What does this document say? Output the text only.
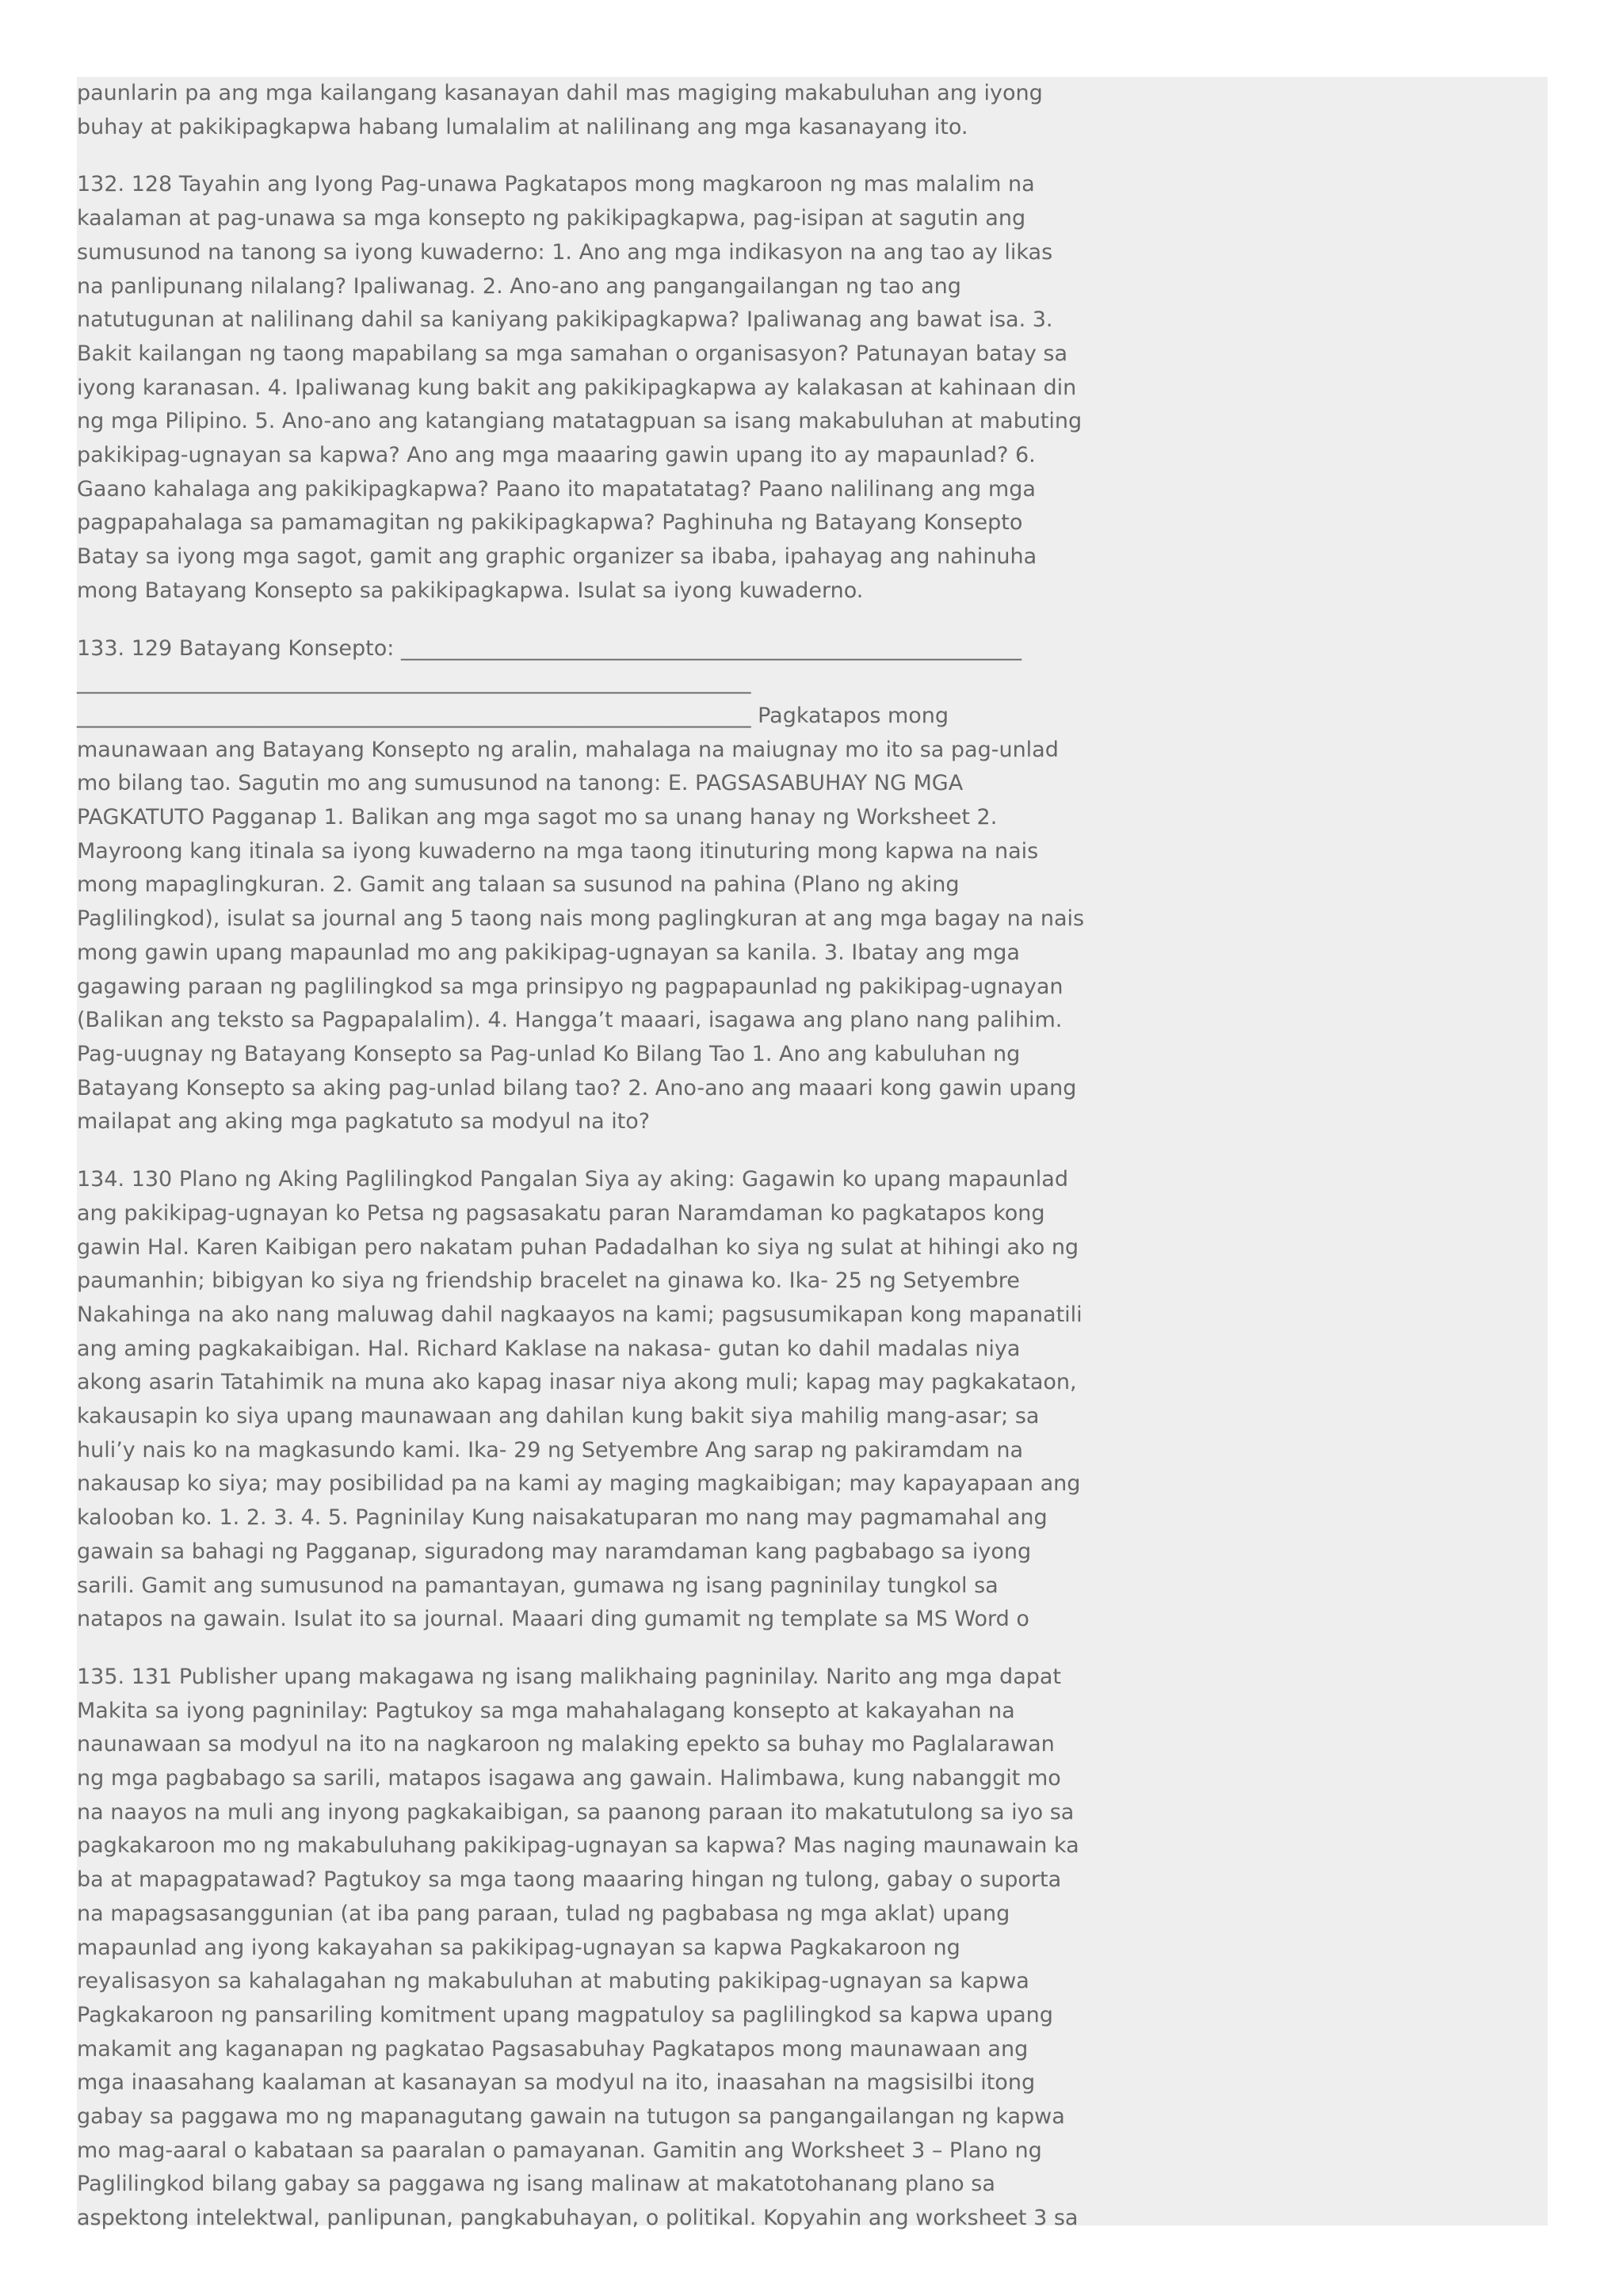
paunlarin pa ang mga kailangang kasanayan dahil mas magiging makabuluhan ang iyong
buhay at pakikipagkapwa habang lumalalim at nalilinang ang mga kasanayang ito.
132. 128 Tayahin ang Iyong Pag-unawa Pagkatapos mong magkaroon ng mas malalim na
kaalaman at pag-unawa sa mga konsepto ng pakikipagkapwa, pag-isipan at sagutin ang
sumusunod na tanong sa iyong kuwaderno: 1. Ano ang mga indikasyon na ang tao ay likas
na panlipunang nilalang? Ipaliwanag. 2. Ano-ano ang pangangailangan ng tao ang
natutugunan at nalilinang dahil sa kaniyang pakikipagkapwa? Ipaliwanag ang bawat isa. 3.
Bakit kailangan ng taong mapabilang sa mga samahan o organisasyon? Patunayan batay sa
iyong karanasan. 4. Ipaliwanag kung bakit ang pakikipagkapwa ay kalakasan at kahinaan din
ng mga Pilipino. 5. Ano-ano ang katangiang matatagpuan sa isang makabuluhan at mabuting
pakikipag-ugnayan sa kapwa? Ano ang mga maaaring gawin upang ito ay mapaunlad? 6.
Gaano kahalaga ang pakikipagkapwa? Paano ito mapatatatag? Paano nalilinang ang mga
pagpapahalaga sa pamamagitan ng pakikipagkapwa? Paghinuha ng Batayang Konsepto
Batay sa iyong mga sagot, gamit ang graphic organizer sa ibaba, ipahayag ang nahinuha
mong Batayang Konsepto sa pakikipagkapwa. Isulat sa iyong kuwaderno.
133. 129 Batayang Konsepto: __________________________________________________________
_______________________________________________________________
_______________________________________________________________ Pagkatapos mong
maunawaan ang Batayang Konsepto ng aralin, mahalaga na maiugnay mo ito sa pag-unlad
mo bilang tao. Sagutin mo ang sumusunod na tanong: E. PAGSASABUHAY NG MGA
PAGKATUTO Pagganap 1. Balikan ang mga sagot mo sa unang hanay ng Worksheet 2.
Mayroong kang itinala sa iyong kuwaderno na mga taong itinuturing mong kapwa na nais
mong mapaglingkuran. 2. Gamit ang talaan sa susunod na pahina (Plano ng aking
Paglilingkod), isulat sa journal ang 5 taong nais mong paglingkuran at ang mga bagay na nais
mong gawin upang mapaunlad mo ang pakikipag-ugnayan sa kanila. 3. Ibatay ang mga
gagawing paraan ng paglilingkod sa mga prinsipyo ng pagpapaunlad ng pakikipag-ugnayan
(Balikan ang teksto sa Pagpapalalim). 4. Hangga’t maaari, isagawa ang plano nang palihim.
Pag-uugnay ng Batayang Konsepto sa Pag-unlad Ko Bilang Tao 1. Ano ang kabuluhan ng
Batayang Konsepto sa aking pag-unlad bilang tao? 2. Ano-ano ang maaari kong gawin upang
mailapat ang aking mga pagkatuto sa modyul na ito?
134. 130 Plano ng Aking Paglilingkod Pangalan Siya ay aking: Gagawin ko upang mapaunlad
ang pakikipag-ugnayan ko Petsa ng pagsasakatu paran Naramdaman ko pagkatapos kong
gawin Hal. Karen Kaibigan pero nakatam puhan Padadalhan ko siya ng sulat at hihingi ako ng
paumanhin; bibigyan ko siya ng friendship bracelet na ginawa ko. Ika- 25 ng Setyembre
Nakahinga na ako nang maluwag dahil nagkaayos na kami; pagsusumikapan kong mapanatili
ang aming pagkakaibigan. Hal. Richard Kaklase na nakasa- gutan ko dahil madalas niya
akong asarin Tatahimik na muna ako kapag inasar niya akong muli; kapag may pagkakataon,
kakausapin ko siya upang maunawaan ang dahilan kung bakit siya mahilig mang-asar; sa
huli’y nais ko na magkasundo kami. Ika- 29 ng Setyembre Ang sarap ng pakiramdam na
nakausap ko siya; may posibilidad pa na kami ay maging magkaibigan; may kapayapaan ang
kalooban ko. 1. 2. 3. 4. 5. Pagninilay Kung naisakatuparan mo nang may pagmamahal ang
gawain sa bahagi ng Pagganap, siguradong may naramdaman kang pagbabago sa iyong
sarili. Gamit ang sumusunod na pamantayan, gumawa ng isang pagninilay tungkol sa
natapos na gawain. Isulat ito sa journal. Maaari ding gumamit ng template sa MS Word o
135. 131 Publisher upang makagawa ng isang malikhaing pagninilay. Narito ang mga dapat
Makita sa iyong pagninilay: Pagtukoy sa mga mahahalagang konsepto at kakayahan na
naunawaan sa modyul na ito na nagkaroon ng malaking epekto sa buhay mo Paglalarawan
ng mga pagbabago sa sarili, matapos isagawa ang gawain. Halimbawa, kung nabanggit mo
na naayos na muli ang inyong pagkakaibigan, sa paanong paraan ito makatutulong sa iyo sa
pagkakaroon mo ng makabuluhang pakikipag-ugnayan sa kapwa? Mas naging maunawain ka
ba at mapagpatawad? Pagtukoy sa mga taong maaaring hingan ng tulong, gabay o suporta
na mapagsasanggunian (at iba pang paraan, tulad ng pagbabasa ng mga aklat) upang
mapaunlad ang iyong kakayahan sa pakikipag-ugnayan sa kapwa Pagkakaroon ng
reyalisasyon sa kahalagahan ng makabuluhan at mabuting pakikipag-ugnayan sa kapwa
Pagkakaroon ng pansariling komitment upang magpatuloy sa paglilingkod sa kapwa upang
makamit ang kaganapan ng pagkatao Pagsasabuhay Pagkatapos mong maunawaan ang
mga inaasahang kaalaman at kasanayan sa modyul na ito, inaasahan na magsisilbi itong
gabay sa paggawa mo ng mapanagutang gawain na tutugon sa pangangailangan ng kapwa
mo mag-aaral o kabataan sa paaralan o pamayanan. Gamitin ang Worksheet 3 – Plano ng
Paglilingkod bilang gabay sa paggawa ng isang malinaw at makatotohanang plano sa
aspektong intelektwal, panlipunan, pangkabuhayan, o politikal. Kopyahin ang worksheet 3 sa
